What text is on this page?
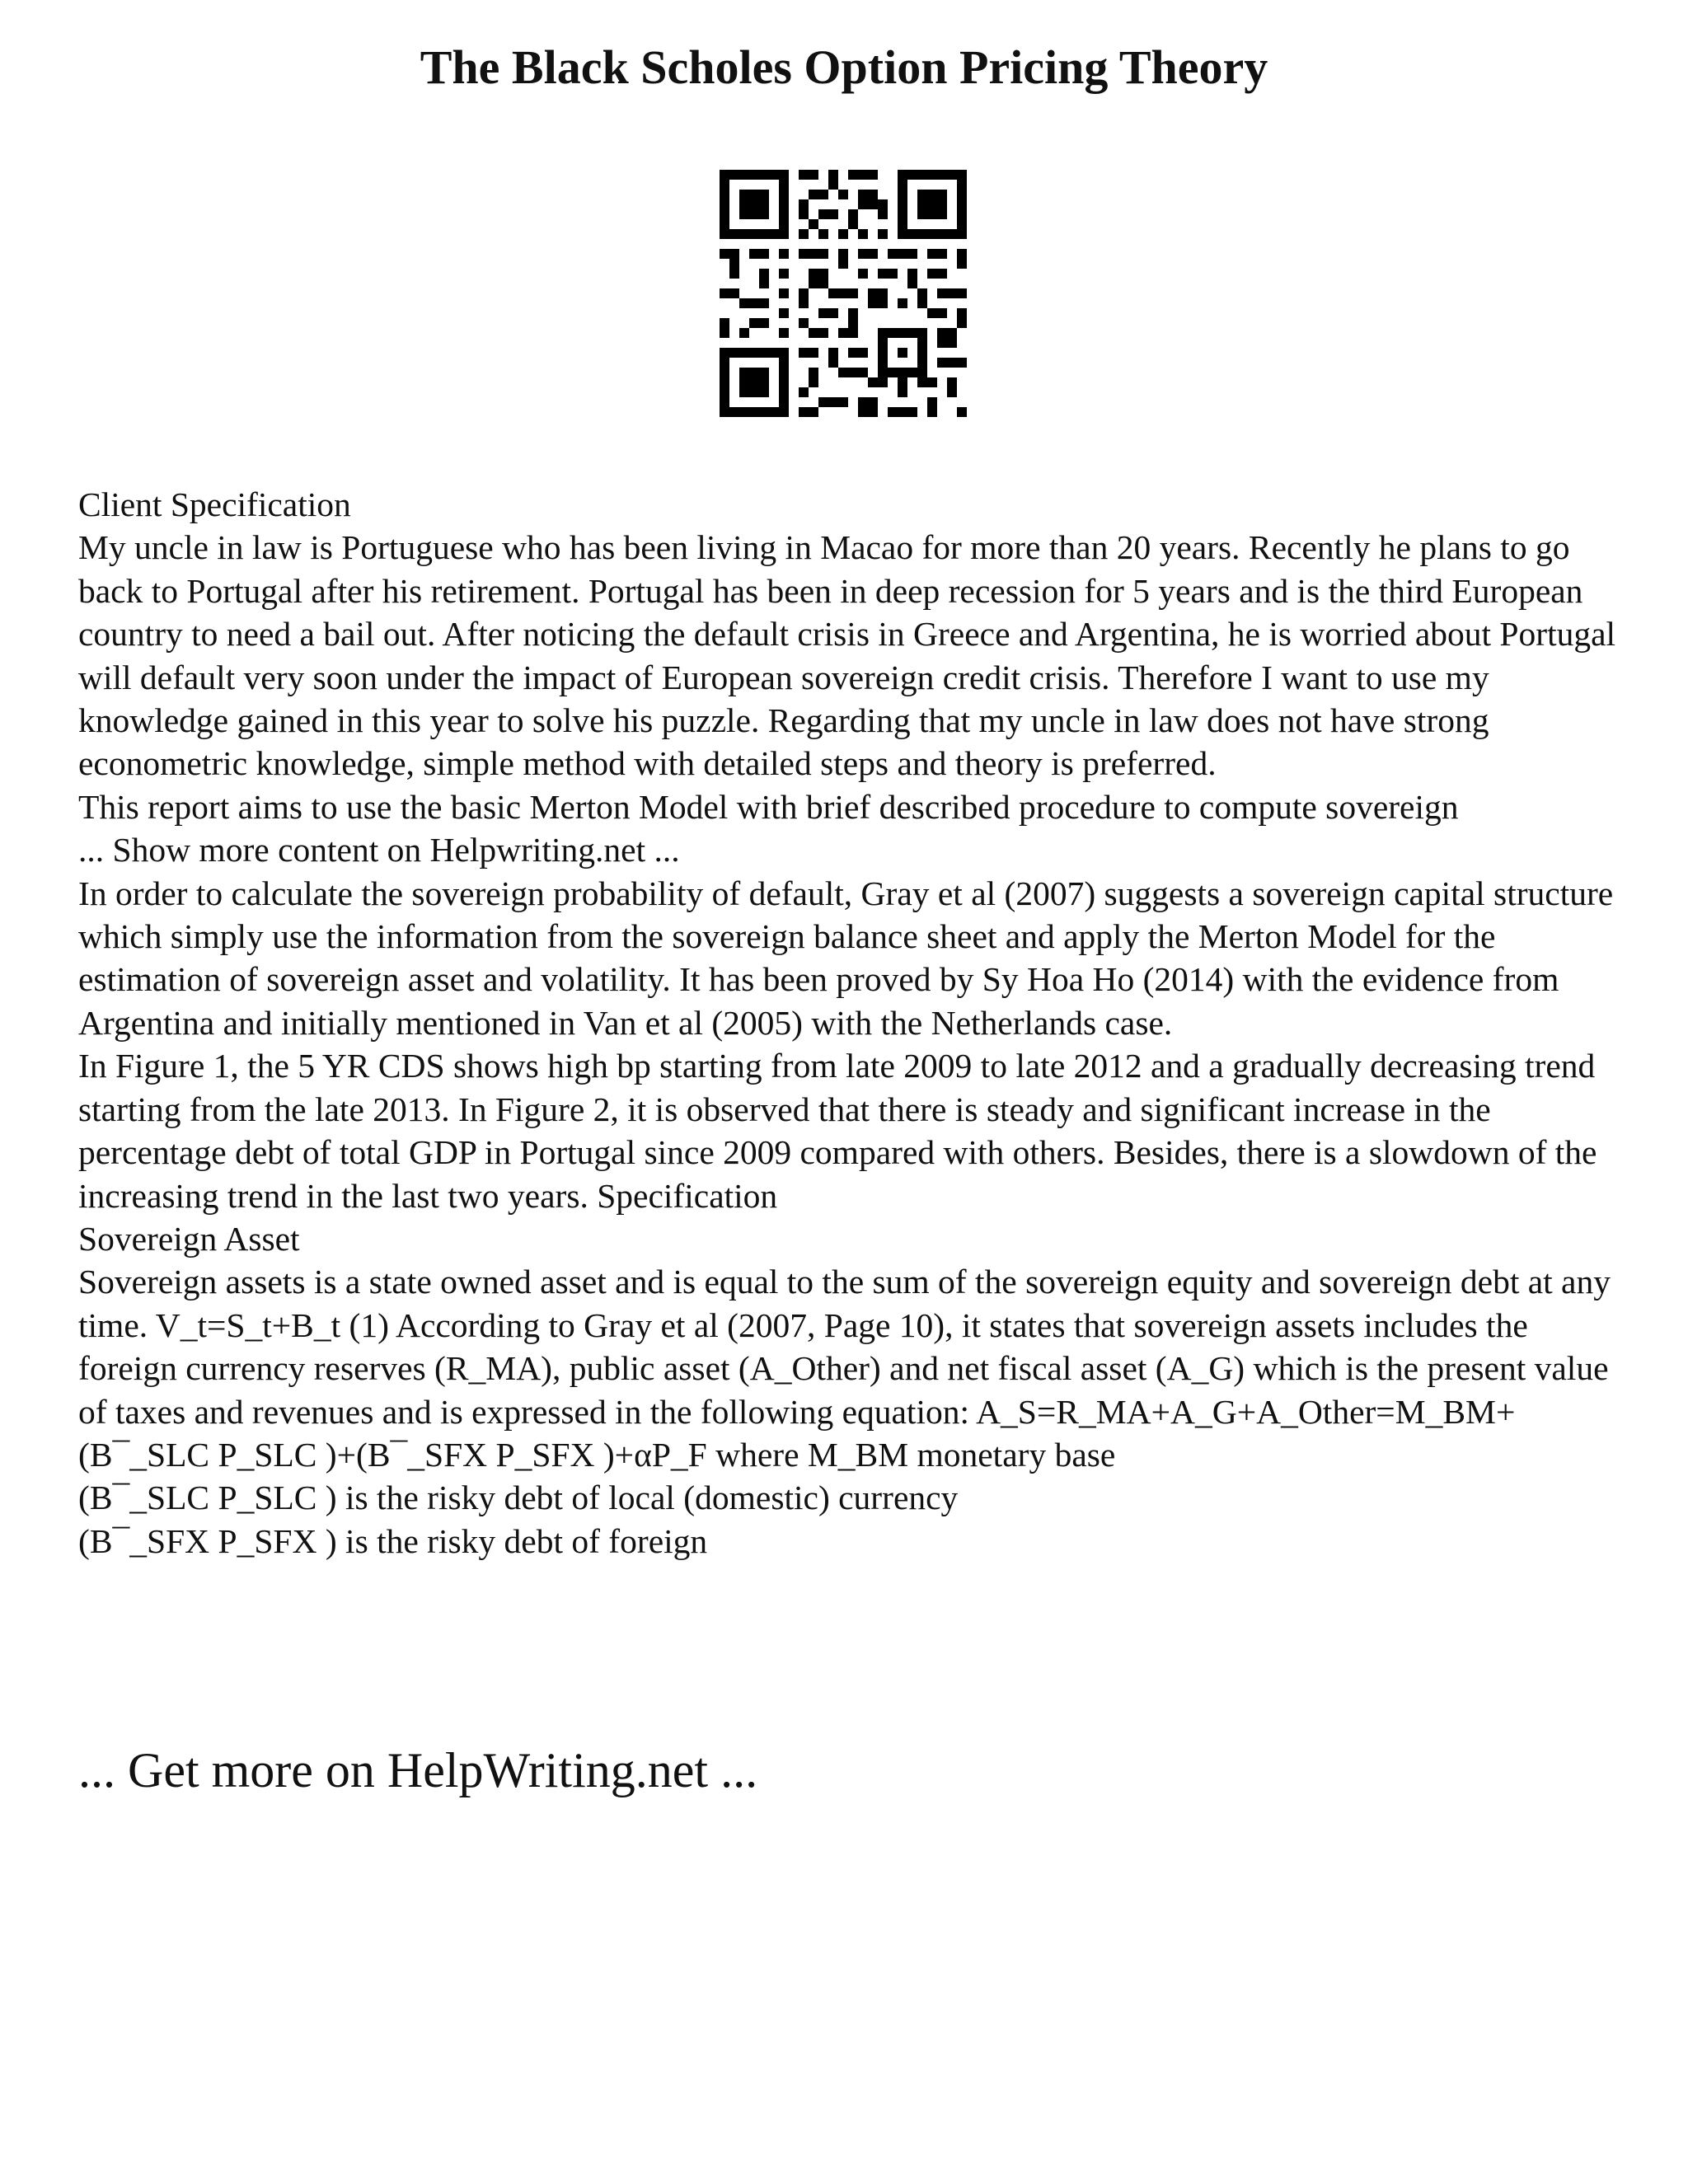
The Black Scholes Option Pricing Theory

Client Specification

My uncle in law is Portuguese who has been living in Macao for more than 20 years. Recently he plans to go back to Portugal after his retirement. Portugal has been in deep recession for 5 years and is the third European country to need a bail out. After noticing the default crisis in Greece and Argentina, he is worried about Portugal will default very soon under the impact of European sovereign credit crisis. Therefore I want to use my knowledge gained in this year to solve his puzzle. Regarding that my uncle in law does not have strong econometric knowledge, simple method with detailed steps and theory is preferred.

This report aims to use the basic Merton Model with brief described procedure to compute sovereign

... Show more content on Helpwriting.net ...

In order to calculate the sovereign probability of default, Gray et al (2007) suggests a sovereign capital structure which simply use the information from the sovereign balance sheet and apply the Merton Model for the estimation of sovereign asset and volatility. It has been proved by Sy Hoa Ho (2014) with the evidence from Argentina and initially mentioned in Van et al (2005) with the Netherlands case.

In Figure 1, the 5 YR CDS shows high bp starting from late 2009 to late 2012 and a gradually decreasing trend starting from the late 2013. In Figure 2, it is observed that there is steady and significant increase in the percentage debt of total GDP in Portugal since 2009 compared with others. Besides, there is a slowdown of the increasing trend in the last two years. Specification

Sovereign Asset

Sovereign assets is a state owned asset and is equal to the sum of the sovereign equity and sovereign debt at any time. V_t=S_t+B_t (1) According to Gray et al (2007, Page 10), it states that sovereign assets includes the foreign currency reserves (R_MA), public asset (A_Other) and net fiscal asset (A_G) which is the present value of taxes and revenues and is expressed in the following equation: A_S=R_MA+A_G+A_Other=M_BM+(B¯_SLC P_SLC )+(B¯_SFX P_SFX )+αP_F where M_BM monetary base

(B¯_SLC P_SLC ) is the risky debt of local (domestic) currency

(B¯_SFX P_SFX ) is the risky debt of foreign

... Get more on HelpWriting.net ...
